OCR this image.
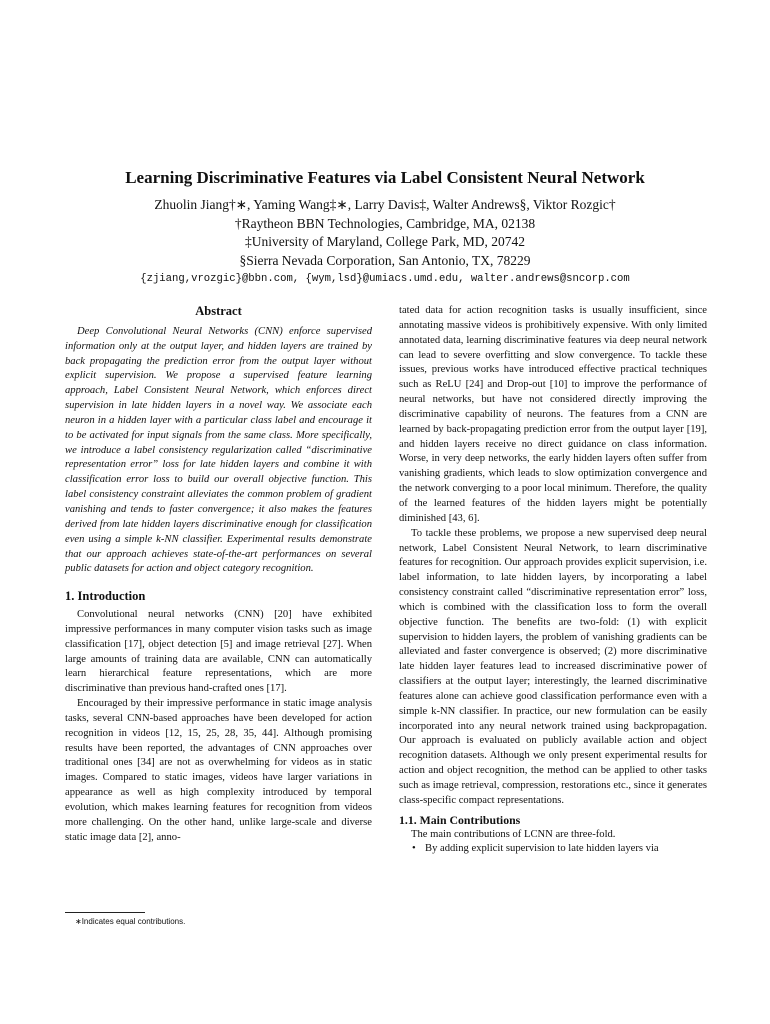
Learning Discriminative Features via Label Consistent Neural Network
Zhuolin Jiang†∗, Yaming Wang‡∗, Larry Davis‡, Walter Andrews§, Viktor Rozgic†
†Raytheon BBN Technologies, Cambridge, MA, 02138
‡University of Maryland, College Park, MD, 20742
§Sierra Nevada Corporation, San Antonio, TX, 78229
{zjiang,vrozgic}@bbn.com, {wym,lsd}@umiacs.umd.edu, walter.andrews@sncorp.com
Abstract
Deep Convolutional Neural Networks (CNN) enforce supervised information only at the output layer, and hidden layers are trained by back propagating the prediction error from the output layer without explicit supervision. We propose a supervised feature learning approach, Label Consistent Neural Network, which enforces direct supervision in late hidden layers in a novel way. We associate each neuron in a hidden layer with a particular class label and encourage it to be activated for input signals from the same class. More specifically, we introduce a label consistency regularization called “discriminative representation error” loss for late hidden layers and combine it with classification error loss to build our overall objective function. This label consistency constraint alleviates the common problem of gradient vanishing and tends to faster convergence; it also makes the features derived from late hidden layers discriminative enough for classification even using a simple k-NN classifier. Experimental results demonstrate that our approach achieves state-of-the-art performances on several public datasets for action and object category recognition.
1. Introduction
Convolutional neural networks (CNN) [20] have exhibited impressive performances in many computer vision tasks such as image classification [17], object detection [5] and image retrieval [27]. When large amounts of training data are available, CNN can automatically learn hierarchical feature representations, which are more discriminative than previous hand-crafted ones [17].
Encouraged by their impressive performance in static image analysis tasks, several CNN-based approaches have been developed for action recognition in videos [12, 15, 25, 28, 35, 44]. Although promising results have been reported, the advantages of CNN approaches over traditional ones [34] are not as overwhelming for videos as in static images. Compared to static images, videos have larger variations in appearance as well as high complexity introduced by temporal evolution, which makes learning features for recognition from videos more challenging. On the other hand, unlike large-scale and diverse static image data [2], anno-
tated data for action recognition tasks is usually insufficient, since annotating massive videos is prohibitively expensive. With only limited annotated data, learning discriminative features via deep neural network can lead to severe overfitting and slow convergence. To tackle these issues, previous works have introduced effective practical techniques such as ReLU [24] and Drop-out [10] to improve the performance of neural networks, but have not considered directly improving the discriminative capability of neurons. The features from a CNN are learned by back-propagating prediction error from the output layer [19], and hidden layers receive no direct guidance on class information. Worse, in very deep networks, the early hidden layers often suffer from vanishing gradients, which leads to slow optimization convergence and the network converging to a poor local minimum. Therefore, the quality of the learned features of the hidden layers might be potentially diminished [43, 6].
To tackle these problems, we propose a new supervised deep neural network, Label Consistent Neural Network, to learn discriminative features for recognition. Our approach provides explicit supervision, i.e. label information, to late hidden layers, by incorporating a label consistency constraint called “discriminative representation error” loss, which is combined with the classification loss to form the overall objective function. The benefits are two-fold: (1) with explicit supervision to hidden layers, the problem of vanishing gradients can be alleviated and faster convergence is observed; (2) more discriminative late hidden layer features lead to increased discriminative power of classifiers at the output layer; interestingly, the learned discriminative features alone can achieve good classification performance even with a simple k-NN classifier. In practice, our new formulation can be easily incorporated into any neural network trained using backpropagation. Our approach is evaluated on publicly available action and object recognition datasets. Although we only present experimental results for action and object recognition, the method can be applied to other tasks such as image retrieval, compression, restorations etc., since it generates class-specific compact representations.
1.1. Main Contributions
The main contributions of LCNN are three-fold.
• By adding explicit supervision to late hidden layers via
∗Indicates equal contributions.
